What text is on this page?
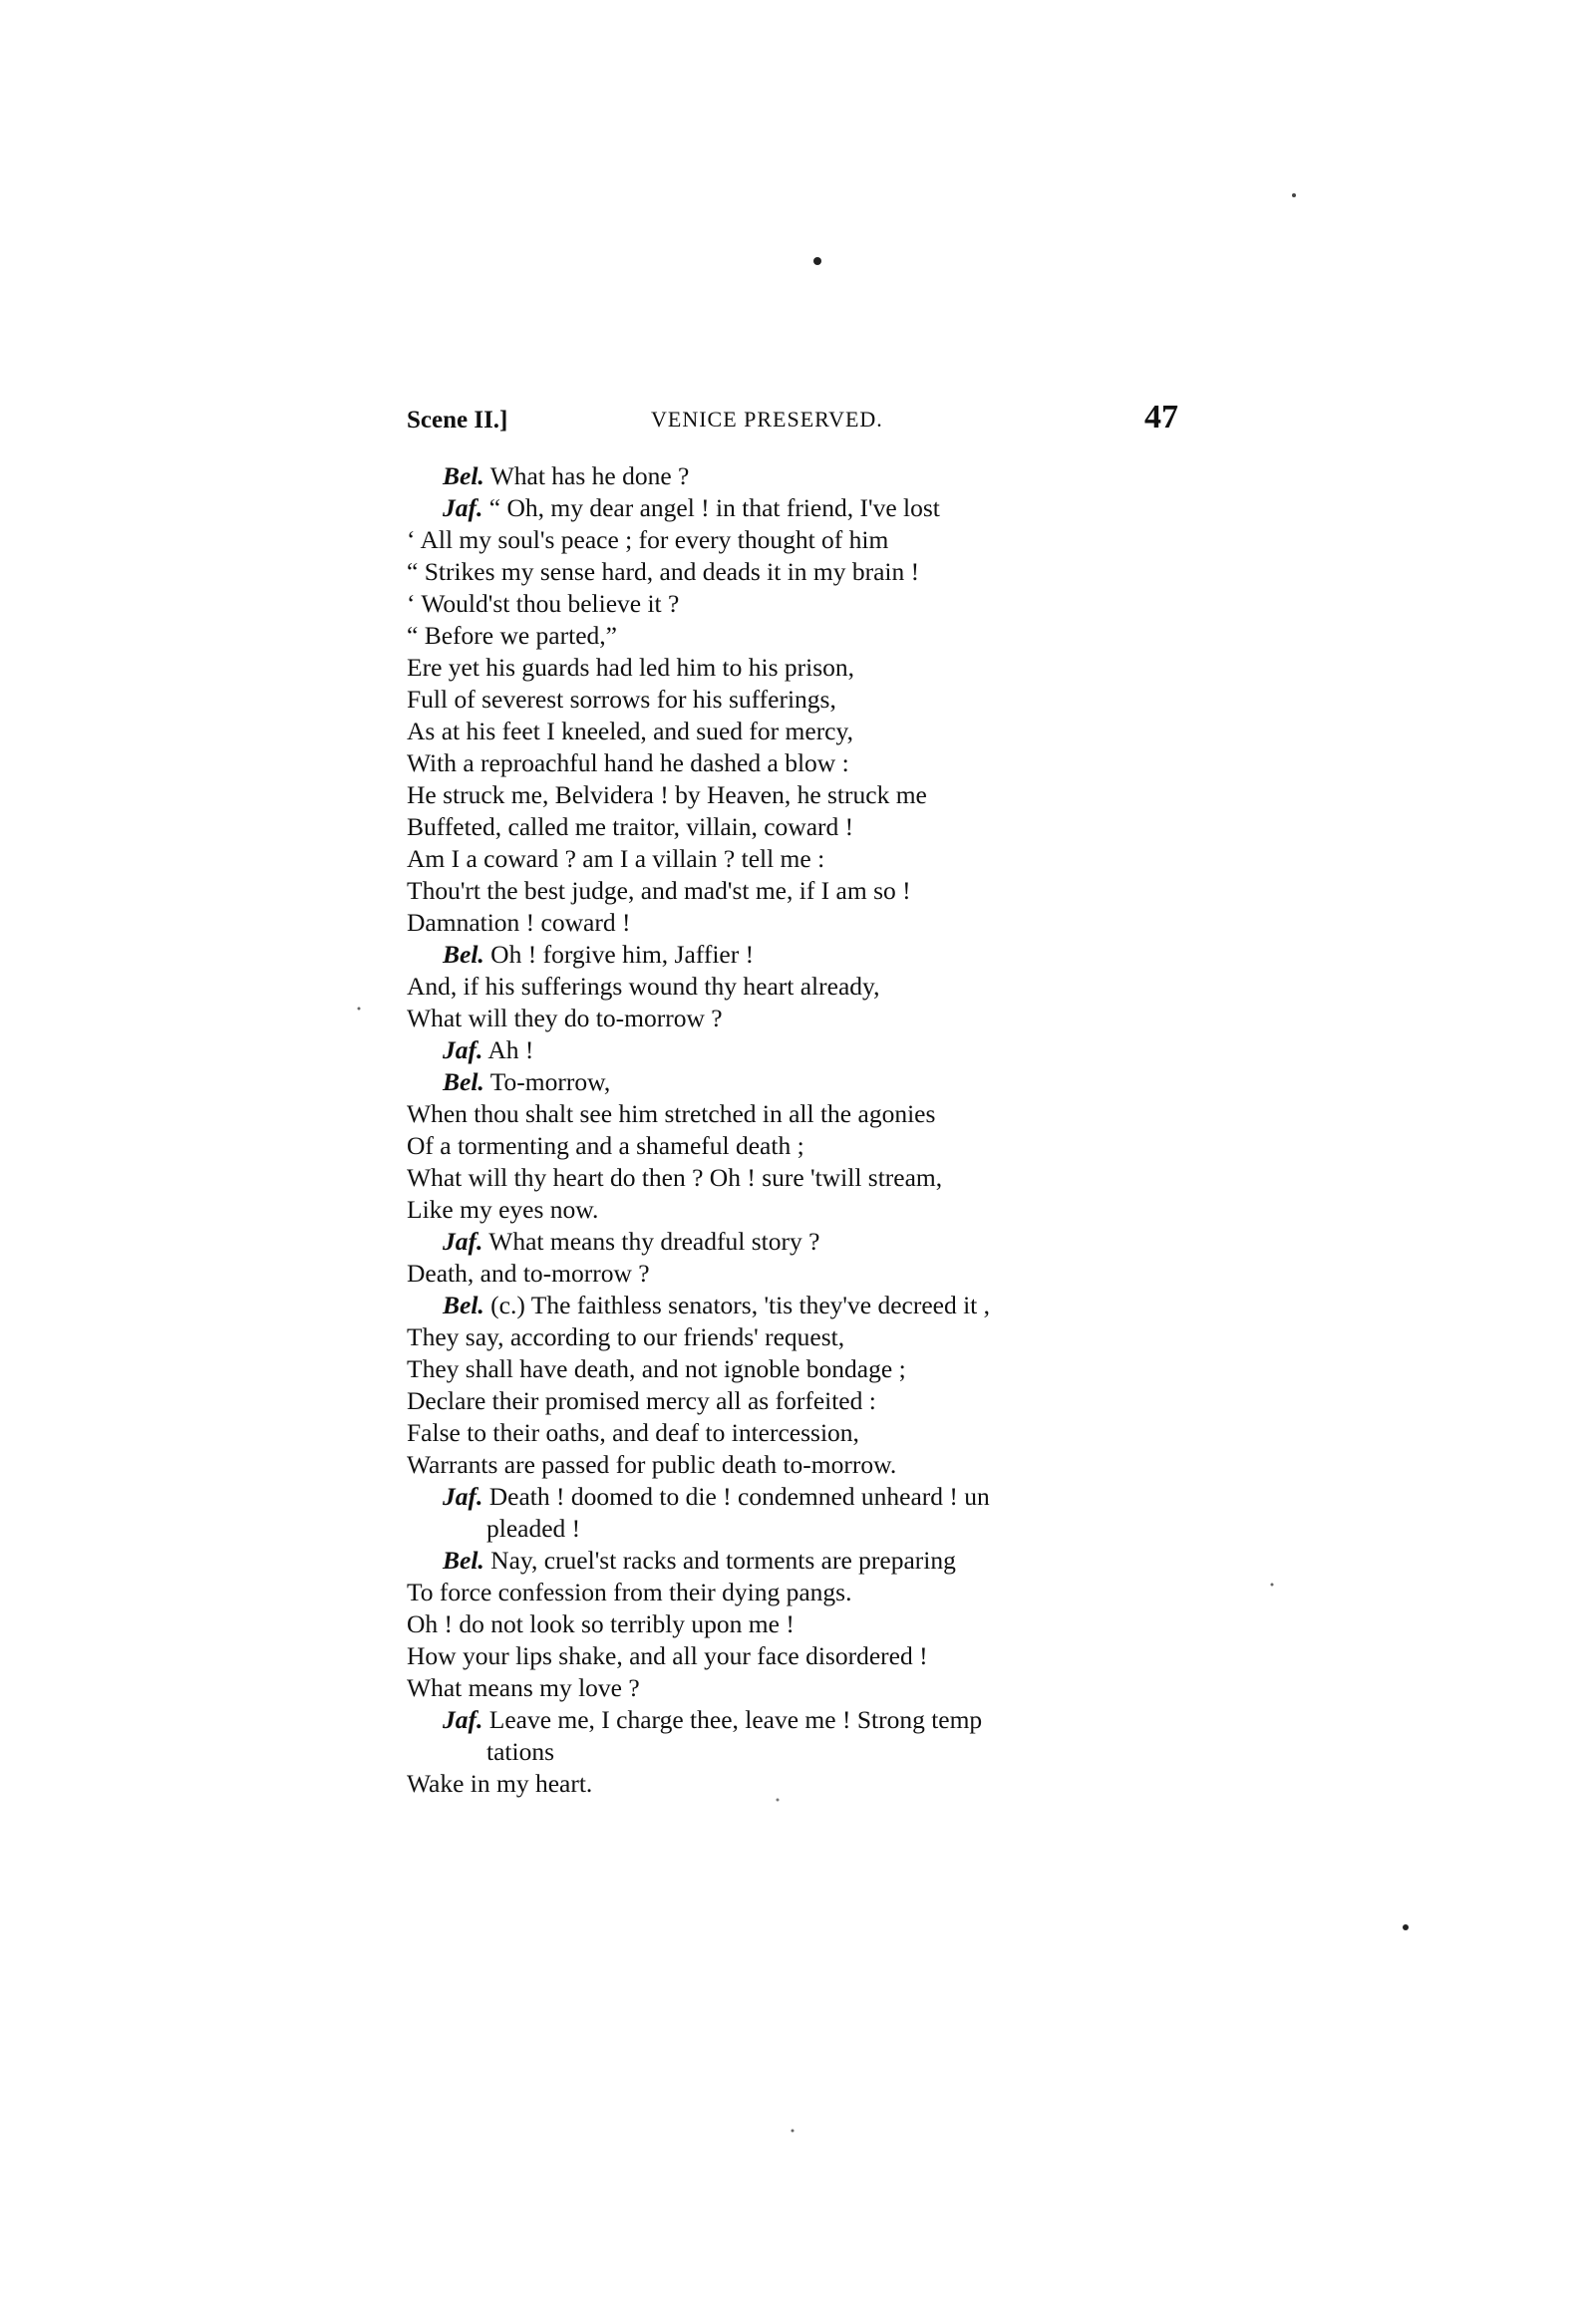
Scene II.]	VENICE PRESERVED.	47
Bel. What has he done ?
Jaf. “ Oh, my dear angel ! in that friend, I've lost
‘ All my soul's peace ; for every thought of him
“ Strikes my sense hard, and deads it in my brain !
‘ Would'st thou believe it ?
“ Before we parted,”
Ere yet his guards had led him to his prison,
Full of severest sorrows for his sufferings,
As at his feet I kneeled, and sued for mercy,
With a reproachful hand he dashed a blow :
He struck me, Belvidera ! by Heaven, he struck me
Buffeted, called me traitor, villain, coward !
Am I a coward ? am I a villain ? tell me :
Thou'rt the best judge, and mad'st me, if I am so !
Damnation ! coward !
Bel. Oh ! forgive him, Jaffier !
And, if his sufferings wound thy heart already,
What will they do to-morrow ?
Jaf. Ah !
Bel. To-morrow,
When thou shalt see him stretched in all the agonies
Of a tormenting and a shameful death ;
What will thy heart do then ? Oh ! sure 'twill stream,
Like my eyes now.
Jaf. What means thy dreadful story ?
Death, and to-morrow ?
Bel. (c.) The faithless senators, 'tis they've decreed it ,
They say, according to our friends' request,
They shall have death, and not ignoble bondage ;
Declare their promised mercy all as forfeited :
False to their oaths, and deaf to intercession,
Warrants are passed for public death to-morrow.
Jaf. Death ! doomed to die ! condemned unheard ! un
pleaded !
Bel. Nay, cruel'st racks and torments are preparing
To force confession from their dying pangs.
Oh ! do not look so terribly upon me !
How your lips shake, and all your face disordered !
What means my love ?
Jaf. Leave me, I charge thee, leave me ! Strong temp
tations
Wake in my heart.
